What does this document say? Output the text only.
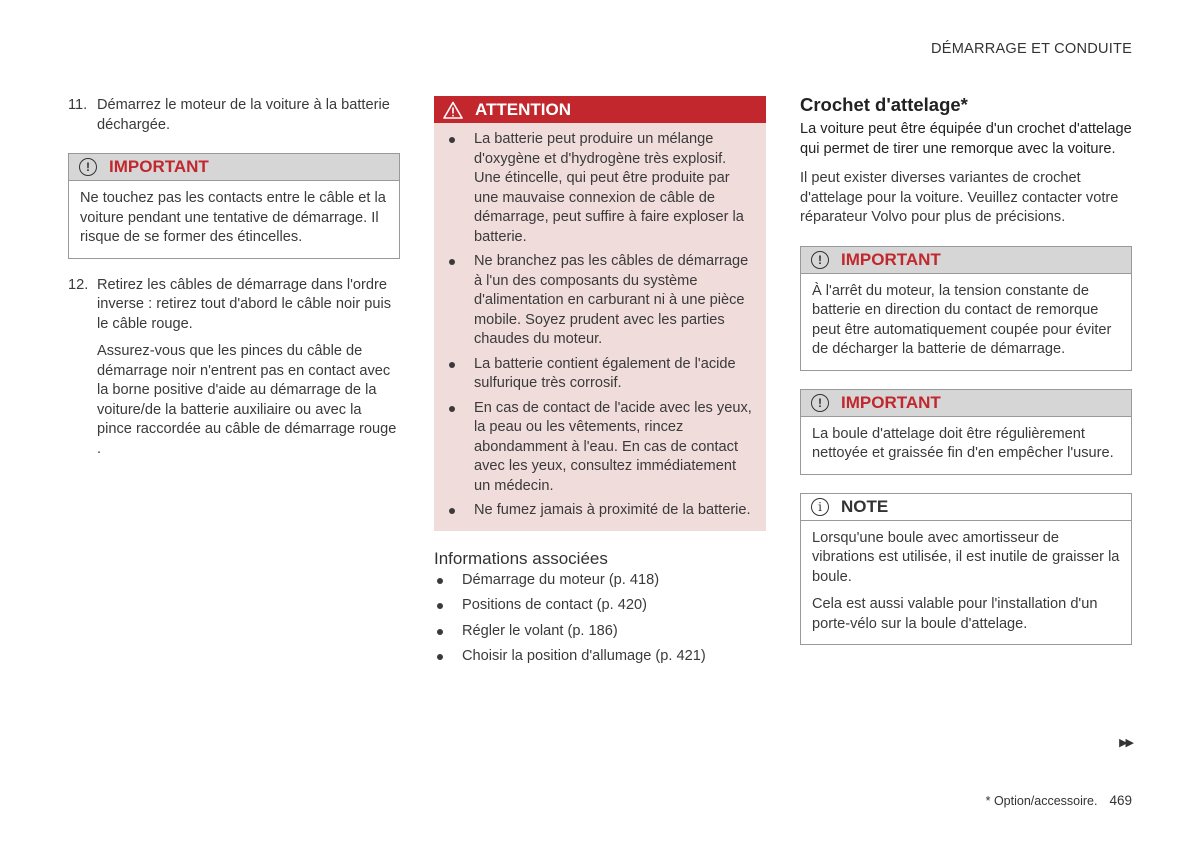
DÉMARRAGE ET CONDUITE
11. Démarrez le moteur de la voiture à la batterie déchargée.

!	IMPORTANT

Ne touchez pas les contacts entre le câble et la voiture pendant une tentative de démarrage. Il risque de se former des étincelles.

12. Retirez les câbles de démarrage dans l'ordre inverse : retirez tout d'abord le câble noir puis le câble rouge.

Assurez-vous que les pinces du câble de démarrage noir n'entrent pas en contact avec la borne positive d'aide au démarrage de la voiture/de la batterie auxiliaire ou avec la pince raccordée au câble de démarrage rouge .

ATTENTION
La batterie peut produire un mélange d'oxygène et d'hydrogène très explosif. Une étincelle, qui peut être produite par une mauvaise connexion de câble de démarrage, peut suffire à faire exploser la batterie.
Ne branchez pas les câbles de démarrage à l'un des composants du système d'alimentation en carburant ni à une pièce mobile. Soyez prudent avec les parties chaudes du moteur.
La batterie contient également de l'acide sulfurique très corrosif.
En cas de contact de l'acide avec les yeux, la peau ou les vêtements, rincez abondamment à l'eau. En cas de contact avec les yeux, consultez immédiatement un médecin.
Ne fumez jamais à proximité de la batterie.
Informations associées
Démarrage du moteur (p. 418)
Positions de contact (p. 420)
Régler le volant (p. 186)
Choisir la position d'allumage (p. 421)
Crochet d'attelage*

La voiture peut être équipée d'un crochet d'attelage qui permet de tirer une remorque avec la voiture.

Il peut exister diverses variantes de crochet d'attelage pour la voiture. Veuillez contacter votre réparateur Volvo pour plus de précisions.

!	IMPORTANT

À l'arrêt du moteur, la tension constante de batterie en direction du contact de remorque peut être automatiquement coupée pour éviter de décharger la batterie de démarrage.

!	IMPORTANT

La boule d'attelage doit être régulièrement nettoyée et graissée fin d'en empêcher l'usure.

i	NOTE

Lorsqu'une boule avec amortisseur de vibrations est utilisée, il est inutile de graisser la boule.

Cela est aussi valable pour l'installation d'un porte-vélo sur la boule d'attelage.

▶▶
* Option/accessoire. 469
